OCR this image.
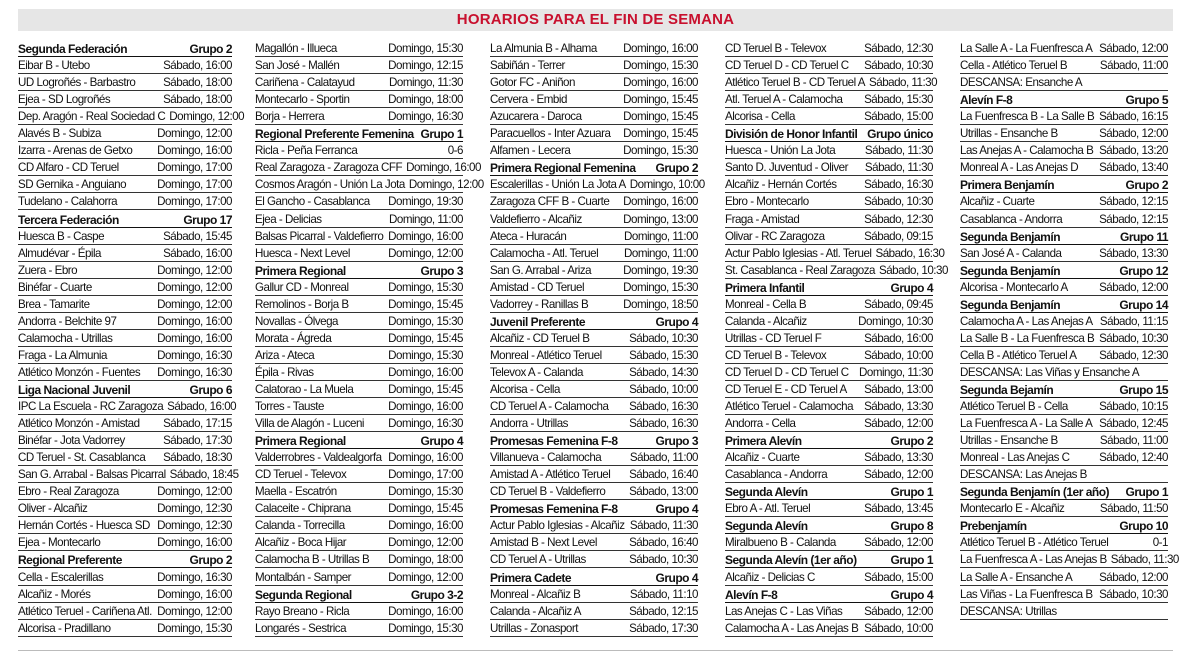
HORARIOS PARA EL FIN DE SEMANA
Segunda Federación	Grupo 2
Eibar B - Utebo	Sábado, 16:00
UD Logroñés - Barbastro	Sábado, 18:00
Ejea - SD Logroñés	Sábado, 18:00
Dep. Aragón - Real Sociedad C Domingo, 12:00
Alavés B - Subiza	Domingo, 12:00
Izarra - Arenas de Getxo	Domingo, 16:00
CD Alfaro - CD Teruel	Domingo, 17:00
SD Gernika - Anguiano	Domingo, 17:00
Tudelano - Calahorra	Domingo, 17:00
Tercera Federación	Grupo 17
Huesca B - Caspe	Sábado, 15:45
Almudévar - Épila	Sábado, 16:00
Zuera - Ebro	Domingo, 12:00
Binéfar - Cuarte	Domingo, 12:00
Brea - Tamarite	Domingo, 12:00
Andorra - Belchite 97	Domingo, 16:00
Calamocha - Utrillas	Domingo, 16:00
Fraga - La Almunia	Domingo, 16:30
Atlético Monzón - Fuentes	Domingo, 16:30
Liga Nacional Juvenil	Grupo 6
IPC La Escuela - RC Zaragoza Sábado, 16:00
Atlético Monzón - Amistad	Sábado, 17:15
Binéfar - Jota Vadorrey	Sábado, 17:30
CD Teruel - St. Casablanca	Sábado, 18:30
San G. Arrabal - Balsas Picarral Sábado, 18:45
Ebro - Real Zaragoza	Domingo, 12:00
Oliver - Alcañiz	Domingo, 12:30
Hernán Cortés - Huesca SD Domingo, 12:30
Ejea - Montecarlo	Domingo, 16:00
Regional Preferente	Grupo 2
Cella - Escalerillas	Domingo, 16:30
Alcañiz - Morés	Domingo, 16:00
Atlético Teruel - Cariñena Atl. Domingo, 12:00
Alcorisa - Pradillano	Domingo, 15:30
Magallón - Illueca	Domingo, 15:30
San José - Mallén	Domingo, 12:15
Cariñena - Calatayud	Domingo, 11:30
Montecarlo - Sportin	Domingo, 18:00
Borja - Herrera	Domingo, 16:30
Regional Preferente Femenina Grupo 1
Ricla - Peña Ferranca	0-6
Real Zaragoza - Zaragoza CFF Domingo, 16:00
Cosmos Aragón - Unión La Jota Domingo, 12:00
El Gancho - Casablanca	Domingo, 19:30
Ejea - Delicias	Domingo, 11:00
Balsas Picarral - Valdefierro Domingo, 16:00
Huesca - Next Level	Domingo, 12:00
Primera Regional	Grupo 3
Gallur CD - Monreal	Domingo, 15:30
Remolinos - Borja B	Domingo, 15:45
Novallas - Ólvega	Domingo, 15:30
Morata - Ágreda	Domingo, 15:45
Ariza - Ateca	Domingo, 15:30
Épila - Rivas	Domingo, 16:00
Calatorao - La Muela	Domingo, 15:45
Torres - Tauste	Domingo, 16:00
Villa de Alagón - Luceni	Domingo, 16:30
Primera Regional	Grupo 4
Valderrobres - Valdealgorfa Domingo, 16:00
CD Teruel - Televox	Domingo, 17:00
Maella - Escatrón	Domingo, 15:30
Calaceite - Chiprana	Domingo, 15:45
Calanda - Torrecilla	Domingo, 16:00
Alcañiz - Boca Hijar	Domingo, 12:00
Calamocha B - Utrillas B	Domingo, 18:00
Montalbán - Samper	Domingo, 12:00
Segunda Regional	Grupo 3-2
Rayo Breano - Ricla	Domingo, 16:00
Longarés - Sestrica	Domingo, 15:30
La Almunia B - Alhama	Domingo, 16:00
Sabiñán - Terrer	Domingo, 15:30
Gotor FC - Aniñon	Domingo, 16:00
Cervera - Embid	Domingo, 15:45
Azucarera - Daroca	Domingo, 15:45
Paracuellos - Inter Azuara	Domingo, 15:45
Alfamen - Lecera	Domingo, 15:30
Primera Regional Femenina	Grupo 2
Escalerillas - Unión La Jota A Domingo, 10:00
Zaragoza CFF B - Cuarte	Domingo, 16:00
Valdefierro - Alcañiz	Domingo, 13:00
Ateca - Huracán	Domingo, 11:00
Calamocha - Atl. Teruel	Domingo, 11:00
San G. Arrabal - Ariza	Domingo, 19:30
Amistad - CD Teruel	Domingo, 15:30
Vadorrey - Ranillas B	Domingo, 18:50
Juvenil Preferente	Grupo 4
Alcañiz - CD Teruel B	Sábado, 10:30
Monreal - Atlético Teruel	Sábado, 15:30
Televox A - Calanda	Sábado, 14:30
Alcorisa - Cella	Sábado, 10:00
CD Teruel A - Calamocha	Sábado, 16:30
Andorra - Utrillas	Sábado, 16:30
Promesas Femenina F-8	Grupo 3
Villanueva - Calamocha	Sábado, 11:00
Amistad A - Atlético Teruel	Sábado, 16:40
CD Teruel B - Valdefierro	Sábado, 13:00
Promesas Femenina F-8	Grupo 4
Actur Pablo Iglesias - Alcañiz Sábado, 11:30
Amistad B - Next Level	Sábado, 16:40
CD Teruel A - Utrillas	Sábado, 10:30
Primera Cadete	Grupo 4
Monreal - Alcañiz B	Sábado, 11:10
Calanda - Alcañiz A	Sábado, 12:15
Utrillas - Zonasport	Sábado, 17:30
CD Teruel B - Televox	Sábado, 12:30
CD Teruel D - CD Teruel C	Sábado, 10:30
Atlético Teruel B - CD Teruel A Sábado, 11:30
Atl. Teruel A - Calamocha	Sábado, 15:30
Alcorisa - Cella	Sábado, 15:00
División de Honor Infantil Grupo único
Huesca - Unión La Jota	Sábado, 11:30
Santo D. Juventud - Oliver	Sábado, 11:30
Alcañiz - Hernán Cortés	Sábado, 16:30
Ebro - Montecarlo	Sábado, 10:30
Fraga - Amistad	Sábado, 12:30
Olivar - RC Zaragoza	Sábado, 09:15
Actur Pablo Iglesias - Atl. Teruel Sábado, 16:30
St. Casablanca - Real Zaragoza Sábado, 10:30
Primera Infantil	Grupo 4
Monreal - Cella B	Sábado, 09:45
Calanda - Alcañiz	Domingo, 10:30
Utrillas - CD Teruel F	Sábado, 16:00
CD Teruel B - Televox	Sábado, 10:00
CD Teruel D - CD Teruel C Domingo, 11:30
CD Teruel E - CD Teruel A	Sábado, 13:00
Atlético Teruel - Calamocha Sábado, 13:30
Andorra - Cella	Sábado, 12:00
Primera Alevín	Grupo 2
Alcañiz - Cuarte	Sábado, 13:30
Casablanca - Andorra	Sábado, 12:00
Segunda Alevín	Grupo 1
Ebro A - Atl. Teruel	Sábado, 13:45
Segunda Alevín	Grupo 8
Miralbueno B - Calanda	Sábado, 12:00
Segunda Alevín (1er año)	Grupo 1
Alcañiz - Delicias C	Sábado, 15:00
Alevín F-8	Grupo 4
Las Anejas C - Las Viñas	Sábado, 12:00
Calamocha A - Las Anejas B Sábado, 10:00
La Salle A - La Fuenfresca A Sábado, 12:00
Cella - Atlético Teruel B	Sábado, 11:00
DESCANSA: Ensanche A
Alevín F-8	Grupo 5
La Fuenfresca B - La Salle B Sábado, 16:15
Utrillas - Ensanche B	Sábado, 12:00
Las Anejas A - Calamocha B Sábado, 13:20
Monreal A - Las Anejas D	Sábado, 13:40
Primera Benjamín	Grupo 2
Alcañiz - Cuarte	Sábado, 12:15
Casablanca - Andorra	Sábado, 12:15
Segunda Benjamín	Grupo 11
San José A - Calanda	Sábado, 13:30
Segunda Benjamín	Grupo 12
Alcorisa - Montecarlo A	Sábado, 12:00
Segunda Benjamín	Grupo 14
Calamocha A - Las Anejas A Sábado, 11:15
La Salle B - La Fuenfresca B Sábado, 10:30
Cella B - Atlético Teruel A	Sábado, 12:30
DESCANSA: Las Viñas y Ensanche A
Segunda Bejamín	Grupo 15
Atlético Teruel B - Cella	Sábado, 10:15
La Fuenfresca A - La Salle A Sábado, 12:45
Utrillas - Ensanche B	Sábado, 11:00
Monreal - Las Anejas C	Sábado, 12:40
DESCANSA: Las Anejas B
Segunda Benjamín (1er año)	Grupo 1
Montecarlo E - Alcañiz	Sábado, 11:50
Prebenjamín	Grupo 10
Atlético Teruel B - Atlético Teruel	0-1
La Fuenfresca A - Las Anejas B Sábado, 11:30
La Salle A - Ensanche A	Sábado, 12:00
Las Viñas - La Fuenfresca B Sábado, 10:30
DESCANSA: Utrillas
